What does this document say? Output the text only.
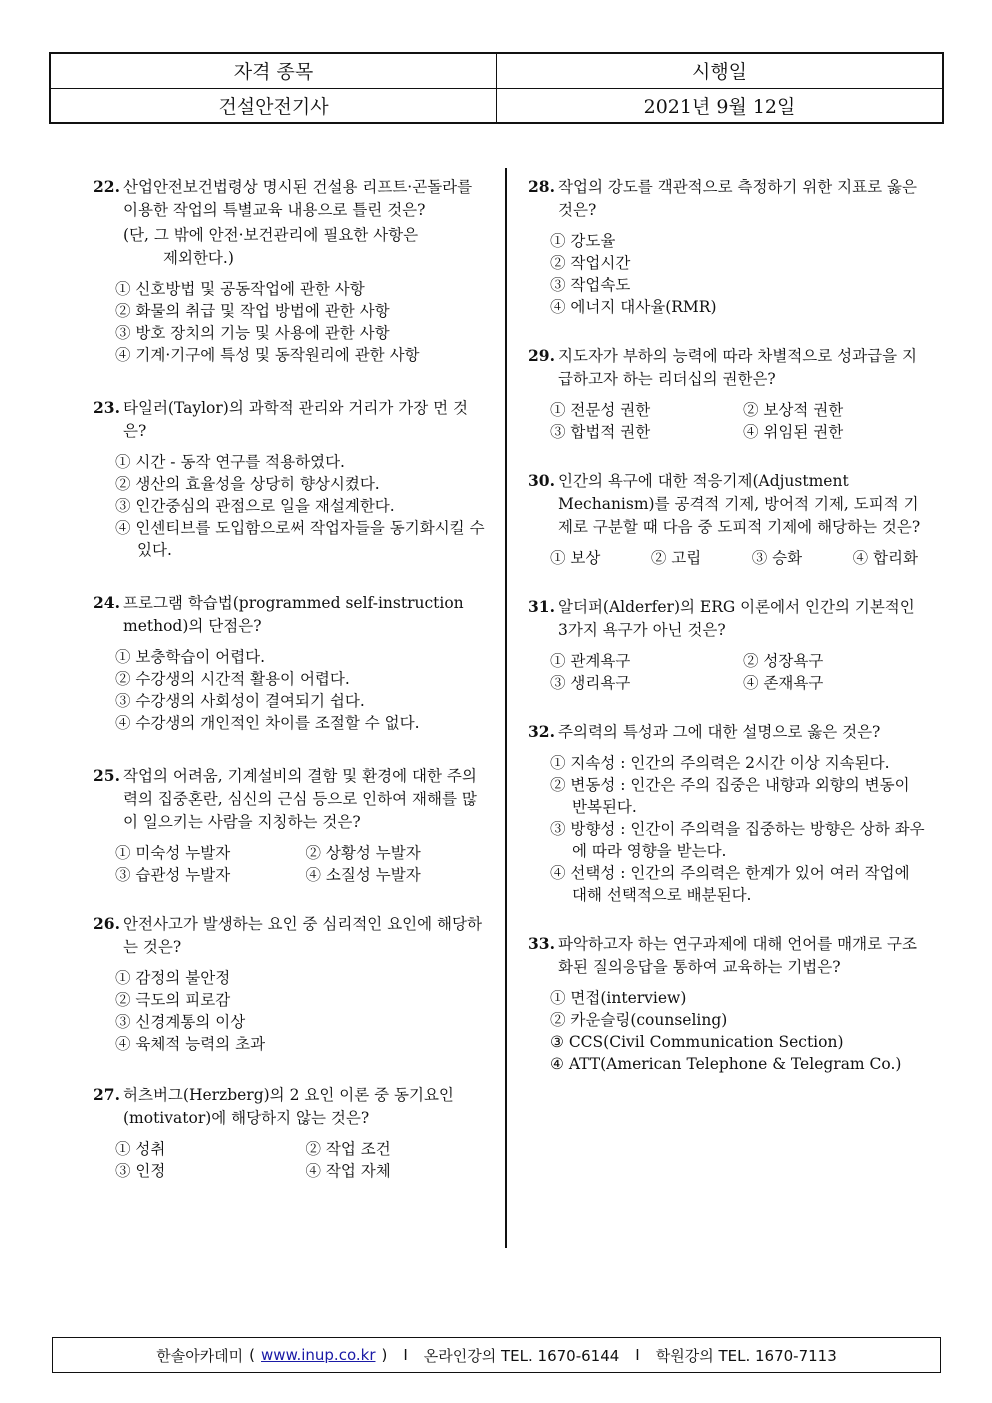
자격 종목	시행일
건설안전기사	2021년 9월 12일
22. 산업안전보건법령상 명시된 건설용 리프트·곤돌라를 이용한 작업의 특별교육 내용으로 틀린 것은?
(단, 그 밖에 안전·보건관리에 필요한 사항은
제외한다.)
① 신호방법 및 공동작업에 관한 사항
② 화물의 취급 및 작업 방법에 관한 사항
③ 방호 장치의 기능 및 사용에 관한 사항
④ 기계·기구에 특성 및 동작원리에 관한 사항
23. 타일러(Taylor)의 과학적 관리와 거리가 가장 먼 것은?
① 시간 - 동작 연구를 적용하였다.
② 생산의 효율성을 상당히 향상시켰다.
③ 인간중심의 관점으로 일을 재설계한다.
④ 인센티브를 도입함으로써 작업자들을 동기화시킬 수 있다.
24. 프로그램 학습법(programmed self-instruction method)의 단점은?
① 보충학습이 어렵다.
② 수강생의 시간적 활용이 어렵다.
③ 수강생의 사회성이 결여되기 쉽다.
④ 수강생의 개인적인 차이를 조절할 수 없다.
25. 작업의 어려움, 기계설비의 결함 및 환경에 대한 주의력의 집중혼란, 심신의 근심 등으로 인하여 재해를 많이 일으키는 사람을 지칭하는 것은?
① 미숙성 누발자	② 상황성 누발자
③ 습관성 누발자	④ 소질성 누발자
26. 안전사고가 발생하는 요인 중 심리적인 요인에 해당하는 것은?
① 감정의 불안정
② 극도의 피로감
③ 신경계통의 이상
④ 육체적 능력의 초과
27. 허츠버그(Herzberg)의 2 요인 이론 중 동기요인(motivator)에 해당하지 않는 것은?
① 성취	② 작업 조건
③ 인정	④ 작업 자체
28. 작업의 강도를 객관적으로 측정하기 위한 지표로 옳은 것은?
① 강도율
② 작업시간
③ 작업속도
④ 에너지 대사율(RMR)
29. 지도자가 부하의 능력에 따라 차별적으로 성과급을 지급하고자 하는 리더십의 권한은?
① 전문성 권한	② 보상적 권한
③ 합법적 권한	④ 위임된 권한
30. 인간의 욕구에 대한 적응기제(Adjustment Mechanism)를 공격적 기제, 방어적 기제, 도피적 기제로 구분할 때 다음 중 도피적 기제에 해당하는 것은?
① 보상	② 고립	③ 승화	④ 합리화
31. 알더퍼(Alderfer)의 ERG 이론에서 인간의 기본적인 3가지 욕구가 아닌 것은?
① 관계욕구	② 성장욕구
③ 생리욕구	④ 존재욕구
32. 주의력의 특성과 그에 대한 설명으로 옳은 것은?
① 지속성 : 인간의 주의력은 2시간 이상 지속된다.
② 변동성 : 인간은 주의 집중은 내향과 외향의 변동이 반복된다.
③ 방향성 : 인간이 주의력을 집중하는 방향은 상하 좌우에 따라 영향을 받는다.
④ 선택성 : 인간의 주의력은 한계가 있어 여러 작업에 대해 선택적으로 배분된다.
33. 파악하고자 하는 연구과제에 대해 언어를 매개로 구조화된 질의응답을 통하여 교육하는 기법은?
① 면접(interview)
② 카운슬링(counseling)
③ CCS(Civil Communication Section)
④ ATT(American Telephone & Telegram Co.)
한솔아카데미 ( www.inup.co.kr )	I	온라인강의 TEL. 1670-6144	I	학원강의 TEL. 1670-7113
